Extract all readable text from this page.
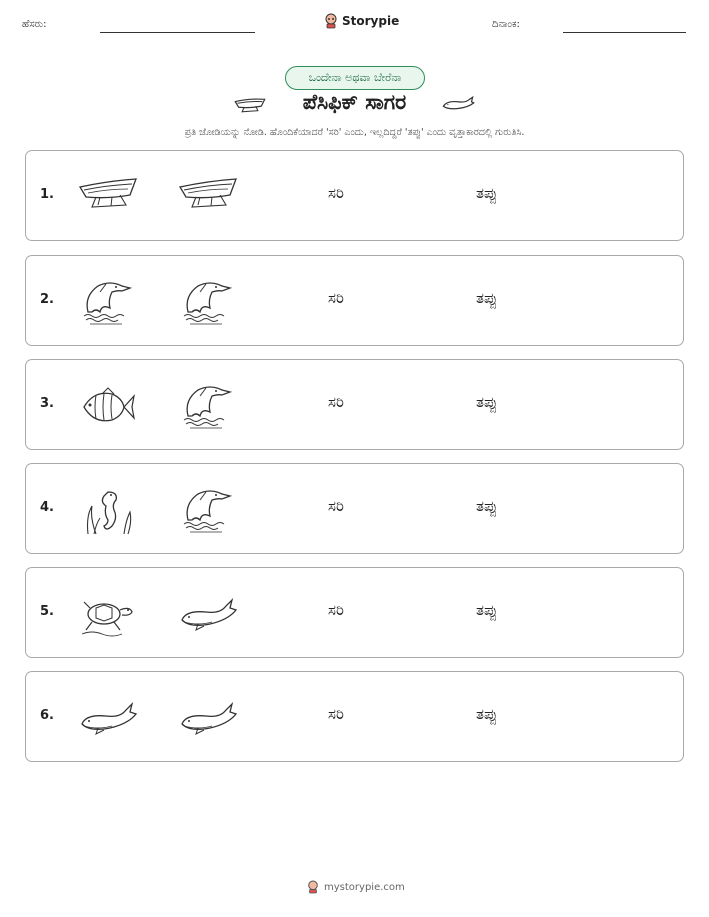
ಹೆಸರು:	Storypie	ದಿನಾಂಕ:
ಒಂದೇನಾ ಅಥವಾ ಬೇರೆನಾ
ಪೆಸಿಫಿಕ್ ಸಾಗರ
ಪ್ರತಿ ಜೋಡಿಯನ್ನು ನೋಡಿ. ಹೊಂದಿಕೆಯಾದರೆ 'ಸರಿ' ಎಂದು, ಇಲ್ಲದಿದ್ದರೆ 'ತಪ್ಪು' ಎಂದು ವೃತ್ತಾಕಾರದಲ್ಲಿ ಗುರುತಿಸಿ.
1.	ಸರಿ	ತಪ್ಪು
2.	ಸರಿ	ತಪ್ಪು
3.	ಸರಿ	ತಪ್ಪು
4.	ಸರಿ	ತಪ್ಪು
5.	ಸರಿ	ತಪ್ಪು
6.	ಸರಿ	ತಪ್ಪು
mystorypie.com
